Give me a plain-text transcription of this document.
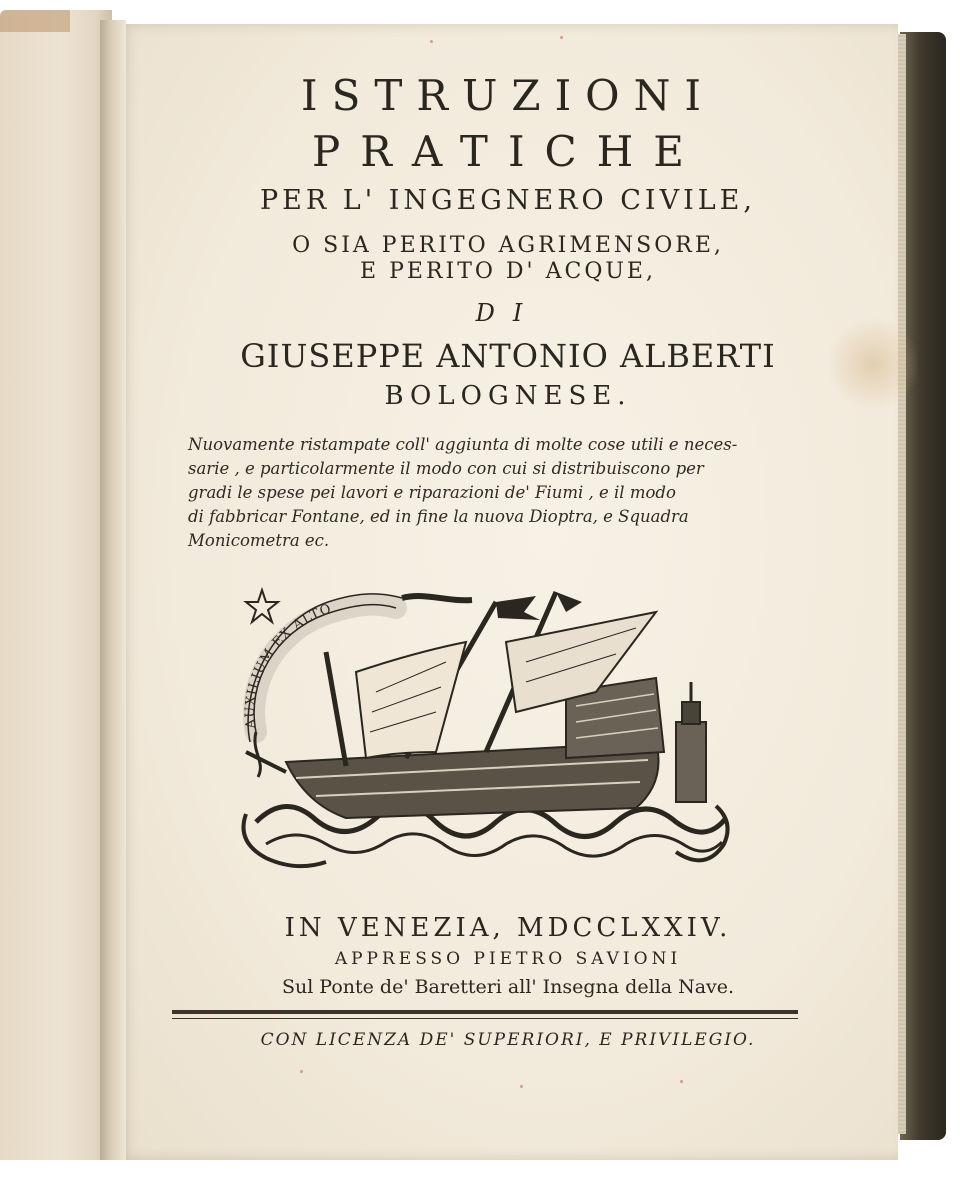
ISTRUZIONI

PRATICHE

PER L' INGEGNERO CIVILE,

O SIA PERITO AGRIMENSORE,

E PERITO D' ACQUE,

DI

GIUSEPPE ANTONIO ALBERTI

BOLOGNESE.

Nuovamente ristampate coll' aggiunta di molte cose utili e neces-

sarie , e particolarmente il modo con cui si distribuiscono per

gradi le spese pei lavori e riparazioni de' Fiumi , e il modo

di fabbricar Fontane, ed in fine la nuova Dioptra, e Squadra

Monicometra ec.

AUXILIUM EX ALTO

IN VENEZIA, MDCCLXXIV.

APPRESSO PIETRO SAVIONI

Sul Ponte de' Baretteri all' Insegna della Nave.

CON LICENZA DE' SUPERIORI, E PRIVILEGIO.
